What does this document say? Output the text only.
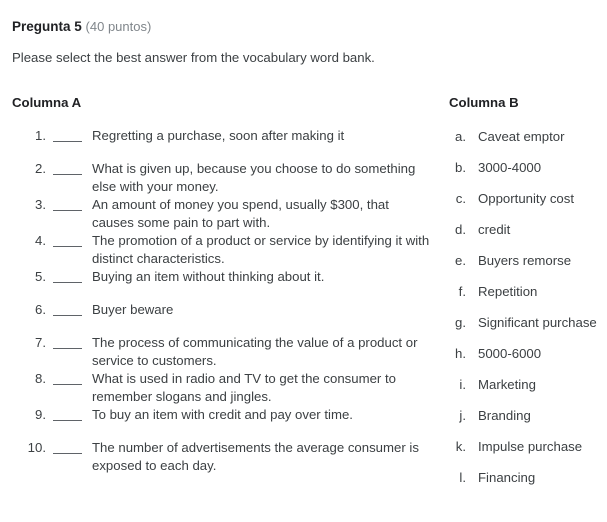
Pregunta 5 (40 puntos)
Please select the best answer from the vocabulary word bank.
Columna A
1.	Regretting a purchase, soon after making it
2.	What is given up, because you choose to do something else with your money.
3.	An amount of money you spend, usually $300, that causes some pain to part with.
4.	The promotion of a product or service by identifying it with distinct characteristics.
5.	Buying an item without thinking about it.
6.	Buyer beware
7.	The process of communicating the value of a product or service to customers.
8.	What is used in radio and TV to get the consumer to remember slogans and jingles.
9.	To buy an item with credit and pay over time.
10.	The number of advertisements the average consumer is exposed to each day.
Columna B
a. Caveat emptor
b. 3000-4000
c. Opportunity cost
d. credit
e. Buyers remorse
f. Repetition
g. Significant purchase
h. 5000-6000
i. Marketing
j. Branding
k. Impulse purchase
l. Financing
